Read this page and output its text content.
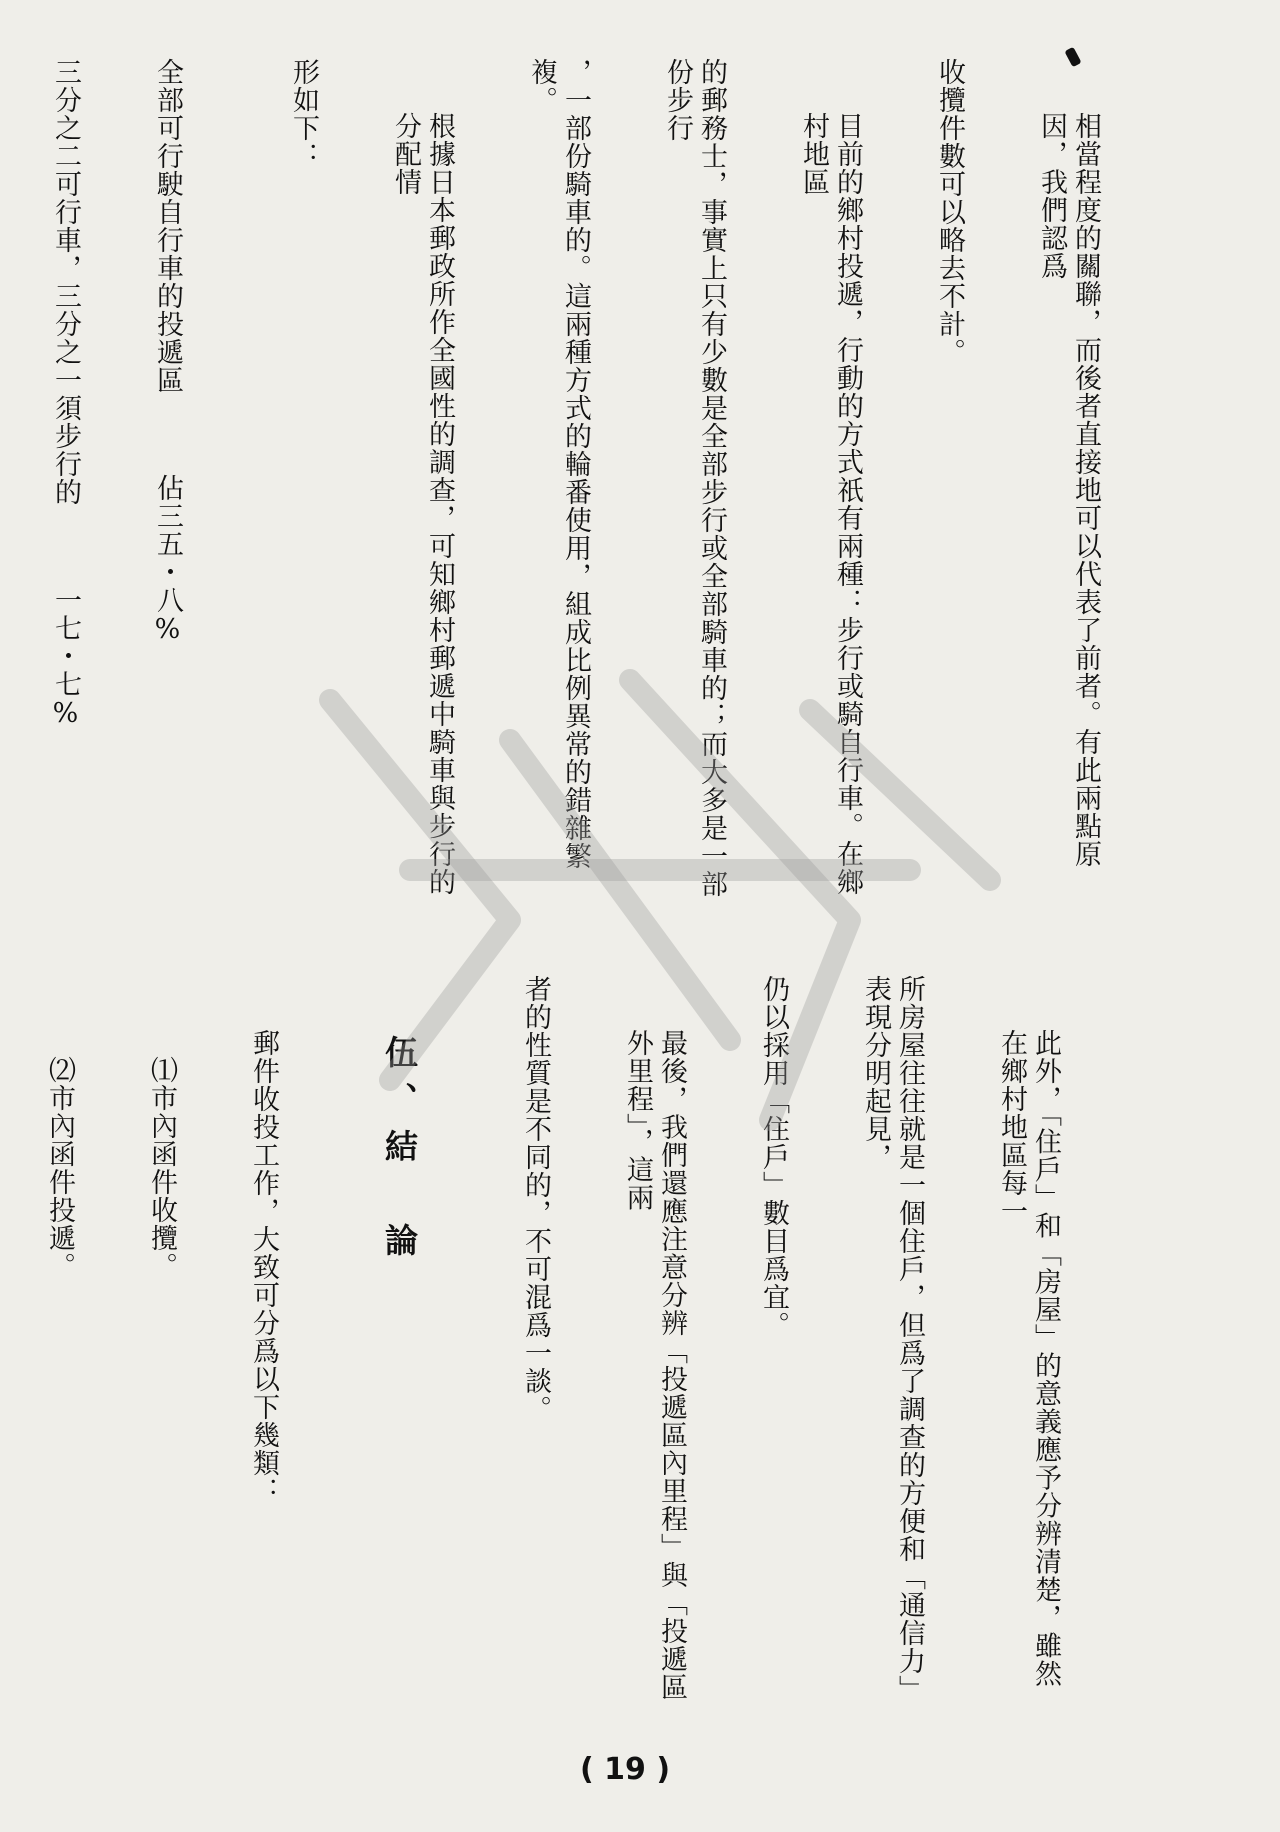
相當程度的關聯，而後者直接地可以代表了前者。有此兩點原因，我們認爲

收攬件數可以略去不計。

目前的鄉村投遞，行動的方式祇有兩種：步行或騎自行車。在鄉村地區

的郵務士，事實上只有少數是全部步行或全部騎車的；而大多是一部份步行

，一部份騎車的。這兩種方式的輪番使用，組成比例異常的錯雜繁複。

根據日本郵政所作全國性的調查，可知鄉村郵遞中騎車與步行的分配情

形如下：

全部可行駛自行車的投遞區佔三五・八%

三分之二可行車，三分之一須步行的一七・七%

此外，「住戶」和「房屋」的意義應予分辨清楚，雖然在鄉村地區每一

所房屋往往就是一個住戶，但爲了調查的方便和「通信力」表現分明起見，

仍以採用「住戶」數目爲宜。

最後，我們還應注意分辨「投遞區內里程」與「投遞區外里程」，這兩

者的性質是不同的，不可混爲一談。

伍、結　論

郵件收投工作，大致可分爲以下幾類：

⑴市內函件收攬。

⑵市內函件投遞。

( 19 )
